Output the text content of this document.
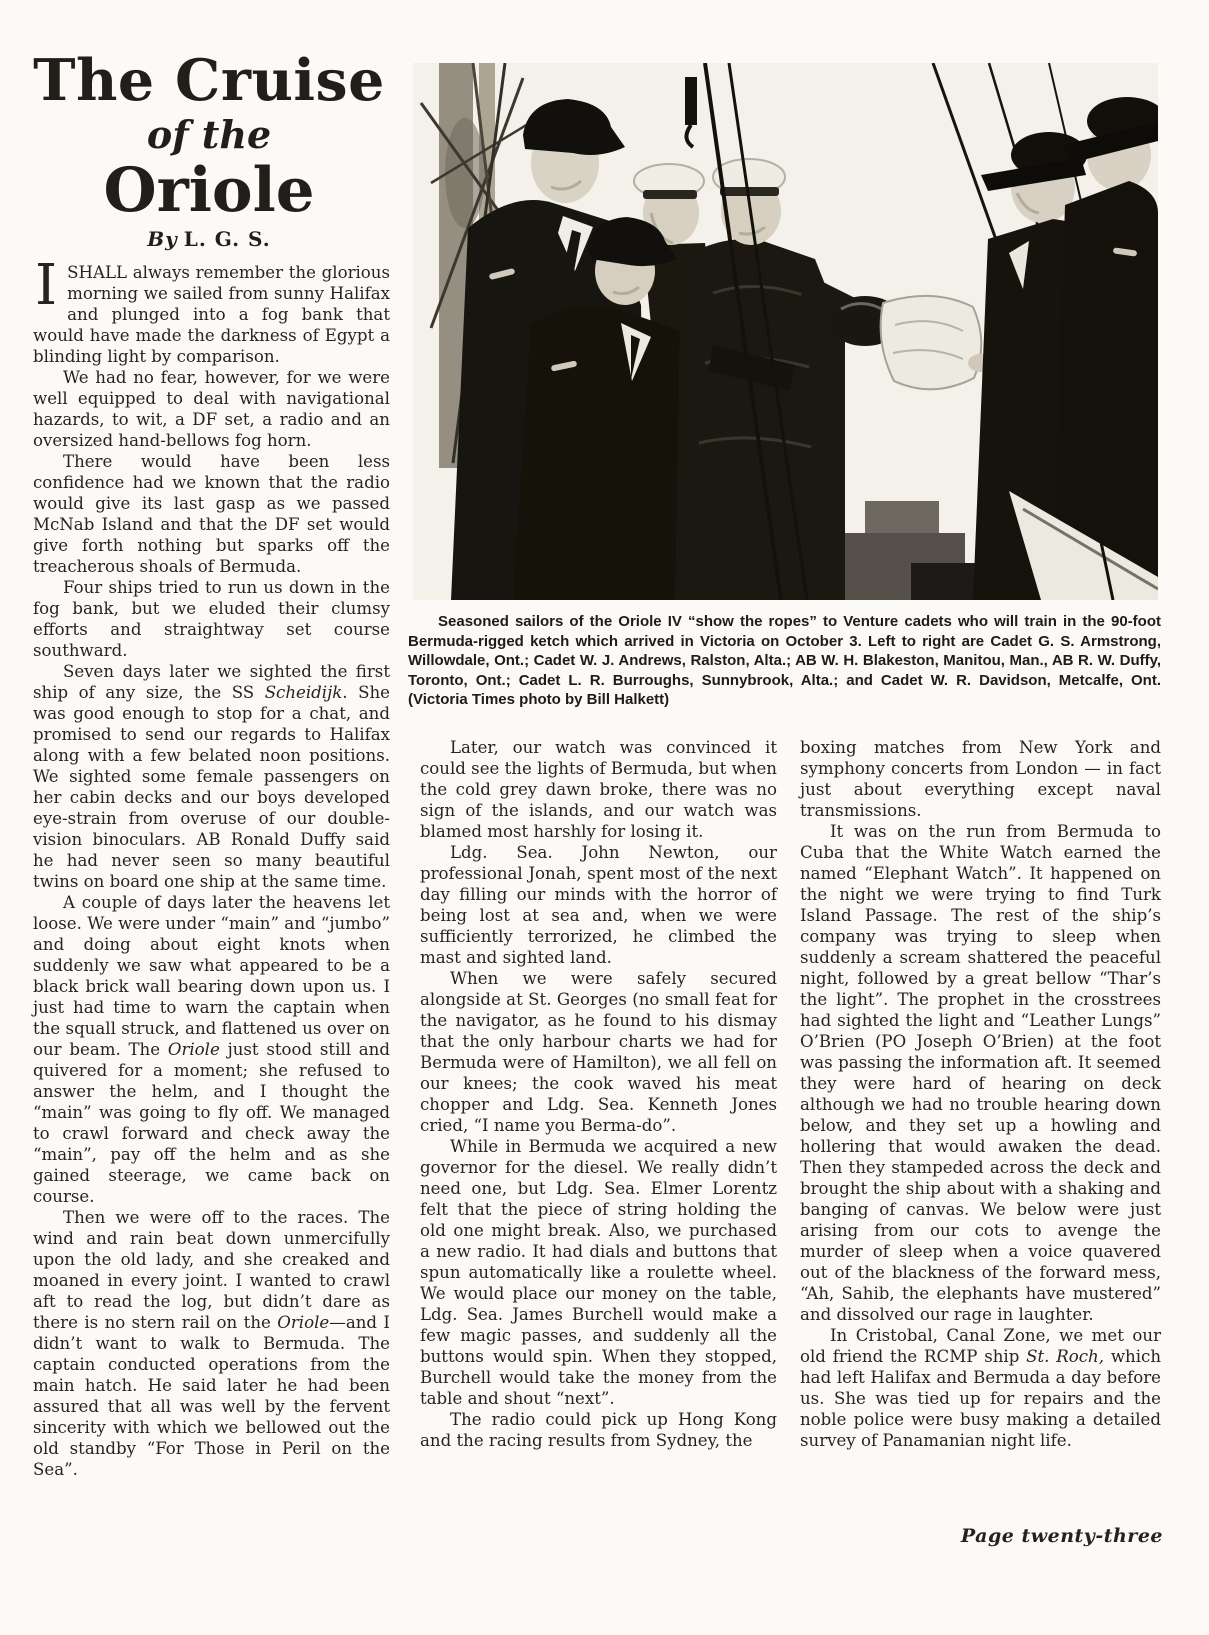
The Cruise
of the
Oriole
By L. G. S.
Seasoned sailors of the Oriole IV “show the ropes” to Venture cadets who will train in the 90-foot Bermuda-rigged ketch which arrived in Victoria on October 3. Left to right are Cadet G. S. Armstrong, Willowdale, Ont.; Cadet W. J. Andrews, Ralston, Alta.; AB W. H. Blakeston, Manitou, Man., AB R. W. Duffy, Toronto, Ont.; Cadet L. R. Burroughs, Sunnybrook, Alta.; and Cadet W. R. Davidson, Metcalfe, Ont. (Victoria Times photo by Bill Halkett)

ISHALL always remember the glorious morning we sailed from sunny Halifax and plunged into a fog bank that would have made the darkness of Egypt a blinding light by comparison.

We had no fear, however, for we were well equipped to deal with navigational hazards, to wit, a DF set, a radio and an oversized hand-bellows fog horn.

There would have been less confidence had we known that the radio would give its last gasp as we passed McNab Island and that the DF set would give forth nothing but sparks off the treacherous shoals of Bermuda.

Four ships tried to run us down in the fog bank, but we eluded their clumsy efforts and straightway set course southward.

Seven days later we sighted the first ship of any size, the SS Scheidijk. She was good enough to stop for a chat, and promised to send our regards to Halifax along with a few belated noon positions. We sighted some female passengers on her cabin decks and our boys developed eye-strain from overuse of our double-vision binoculars. AB Ronald Duffy said he had never seen so many beautiful twins on board one ship at the same time.

A couple of days later the heavens let loose. We were under “main” and “jumbo” and doing about eight knots when suddenly we saw what appeared to be a black brick wall bearing down upon us. I just had time to warn the captain when the squall struck, and flattened us over on our beam. The Oriole just stood still and quivered for a moment; she refused to answer the helm, and I thought the “main” was going to fly off. We managed to crawl forward and check away the “main”, pay off the helm and as she gained steerage, we came back on course.

Then we were off to the races. The wind and rain beat down unmercifully upon the old lady, and she creaked and moaned in every joint. I wanted to crawl aft to read the log, but didn’t dare as there is no stern rail on the Oriole—and I didn’t want to walk to Bermuda. The captain conducted operations from the main hatch. He said later he had been assured that all was well by the fervent sincerity with which we bellowed out the old standby “For Those in Peril on the Sea”.

Later, our watch was convinced it could see the lights of Bermuda, but when the cold grey dawn broke, there was no sign of the islands, and our watch was blamed most harshly for losing it.

Ldg. Sea. John Newton, our professional Jonah, spent most of the next day filling our minds with the horror of being lost at sea and, when we were sufficiently terrorized, he climbed the mast and sighted land.

When we were safely secured alongside at St. Georges (no small feat for the navigator, as he found to his dismay that the only harbour charts we had for Bermuda were of Hamilton), we all fell on our knees; the cook waved his meat chopper and Ldg. Sea. Kenneth Jones cried, “I name you Berma-do”.

While in Bermuda we acquired a new governor for the diesel. We really didn’t need one, but Ldg. Sea. Elmer Lorentz felt that the piece of string holding the old one might break. Also, we purchased a new radio. It had dials and buttons that spun automatically like a roulette wheel. We would place our money on the table, Ldg. Sea. James Burchell would make a few magic passes, and suddenly all the buttons would spin. When they stopped, Burchell would take the money from the table and shout “next”.

The radio could pick up Hong Kong and the racing results from Sydney, the

boxing matches from New York and symphony concerts from London — in fact just about everything except naval transmissions.

It was on the run from Bermuda to Cuba that the White Watch earned the named “Elephant Watch”. It happened on the night we were trying to find Turk Island Passage. The rest of the ship’s company was trying to sleep when suddenly a scream shattered the peaceful night, followed by a great bellow “Thar’s the light”. The prophet in the crosstrees had sighted the light and “Leather Lungs” O’Brien (PO Joseph O’Brien) at the foot was passing the information aft. It seemed they were hard of hearing on deck although we had no trouble hearing down below, and they set up a howling and hollering that would awaken the dead. Then they stampeded across the deck and brought the ship about with a shaking and banging of canvas. We below were just arising from our cots to avenge the murder of sleep when a voice quavered out of the blackness of the forward mess, “Ah, Sahib, the elephants have mustered” and dissolved our rage in laughter.

In Cristobal, Canal Zone, we met our old friend the RCMP ship St. Roch, which had left Halifax and Bermuda a day before us. She was tied up for repairs and the noble police were busy making a detailed survey of Panamanian night life.

Page twenty-three
